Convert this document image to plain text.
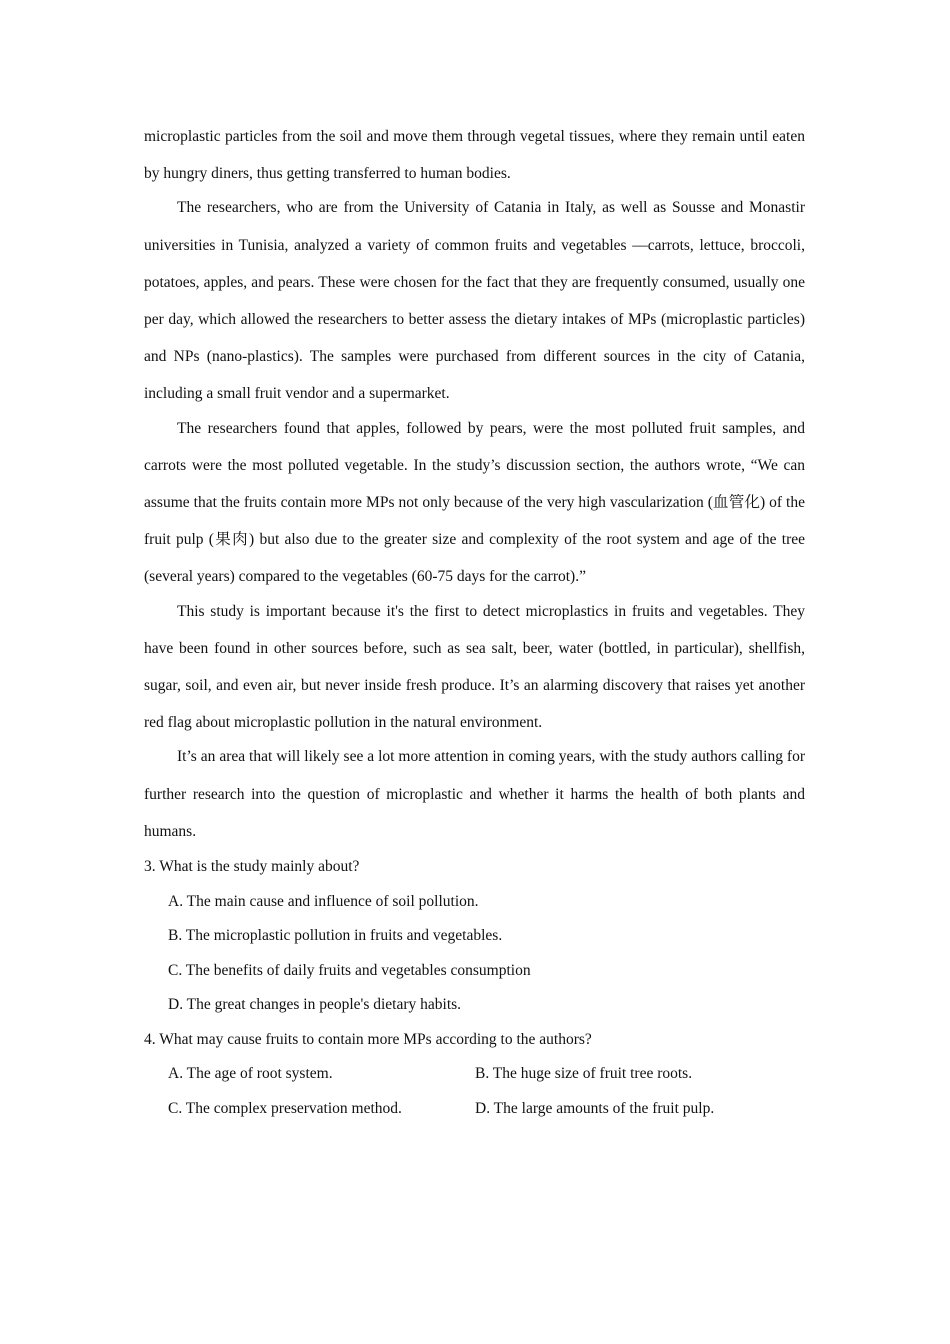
microplastic particles from the soil and move them through vegetal tissues, where they remain until eaten by hungry diners, thus getting transferred to human bodies.

The researchers, who are from the University of Catania in Italy, as well as Sousse and Monastir universities in Tunisia, analyzed a variety of common fruits and vegetables —carrots, lettuce, broccoli, potatoes, apples, and pears. These were chosen for the fact that they are frequently consumed, usually one per day, which allowed the researchers to better assess the dietary intakes of MPs (microplastic particles) and NPs (nano-plastics). The samples were purchased from different sources in the city of Catania, including a small fruit vendor and a supermarket.

The researchers found that apples, followed by pears, were the most polluted fruit samples, and carrots were the most polluted vegetable. In the study’s discussion section, the authors wrote, “We can assume that the fruits contain more MPs not only because of the very high vascularization (血管化) of the fruit pulp (果肉) but also due to the greater size and complexity of the root system and age of the tree (several years) compared to the vegetables (60-75 days for the carrot).”

This study is important because it's the first to detect microplastics in fruits and vegetables. They have been found in other sources before, such as sea salt, beer, water (bottled, in particular), shellfish, sugar, soil, and even air, but never inside fresh produce. It’s an alarming discovery that raises yet another red flag about microplastic pollution in the natural environment.

It’s an area that will likely see a lot more attention in coming years, with the study authors calling for further research into the question of microplastic and whether it harms the health of both plants and humans.

3. What is the study mainly about?

A. The main cause and influence of soil pollution.

B. The microplastic pollution in fruits and vegetables.

C. The benefits of daily fruits and vegetables consumption

D. The great changes in people's dietary habits.

4. What may cause fruits to contain more MPs according to the authors?

A. The age of root system.	B. The huge size of fruit tree roots.
C. The complex preservation method.	D. The large amounts of the fruit pulp.
